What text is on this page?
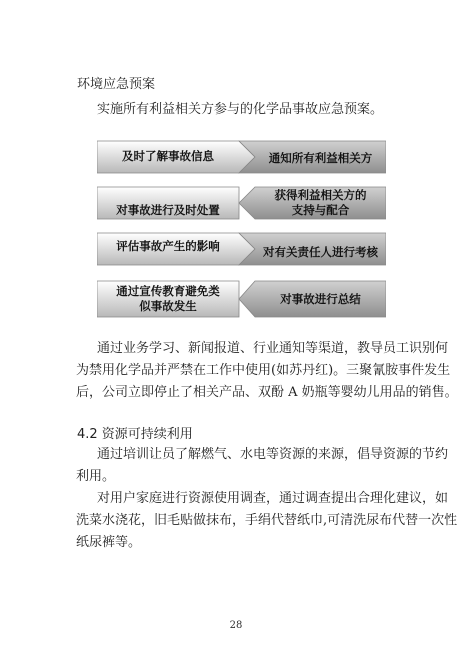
环境应急预案
实施所有利益相关方参与的化学品事故应急预案。
及时了解事故信息	通知所有利益相关方
对事故进行及时处置
获得利益相关方的
支持与配合
评估事故产生的影响	对有关责任人进行考核
通过宣传教育避免类
似事故发生	对事故进行总结
通过业务学习、新闻报道、行业通知等渠道，教导员工识别何
为禁用化学品并严禁在工作中使用(如苏丹红)。三聚氰胺事件发生
后，公司立即停止了相关产品、双酚 A 奶瓶等婴幼儿用品的销售。
4.2 资源可持续利用
通过培训让员了解燃气、水电等资源的来源，倡导资源的节约
利用。
对用户家庭进行资源使用调查，通过调查提出合理化建议，如
洗菜水浇花，旧毛贴做抹布，手绢代替纸巾,可清洗尿布代替一次性
纸尿裤等。
28
